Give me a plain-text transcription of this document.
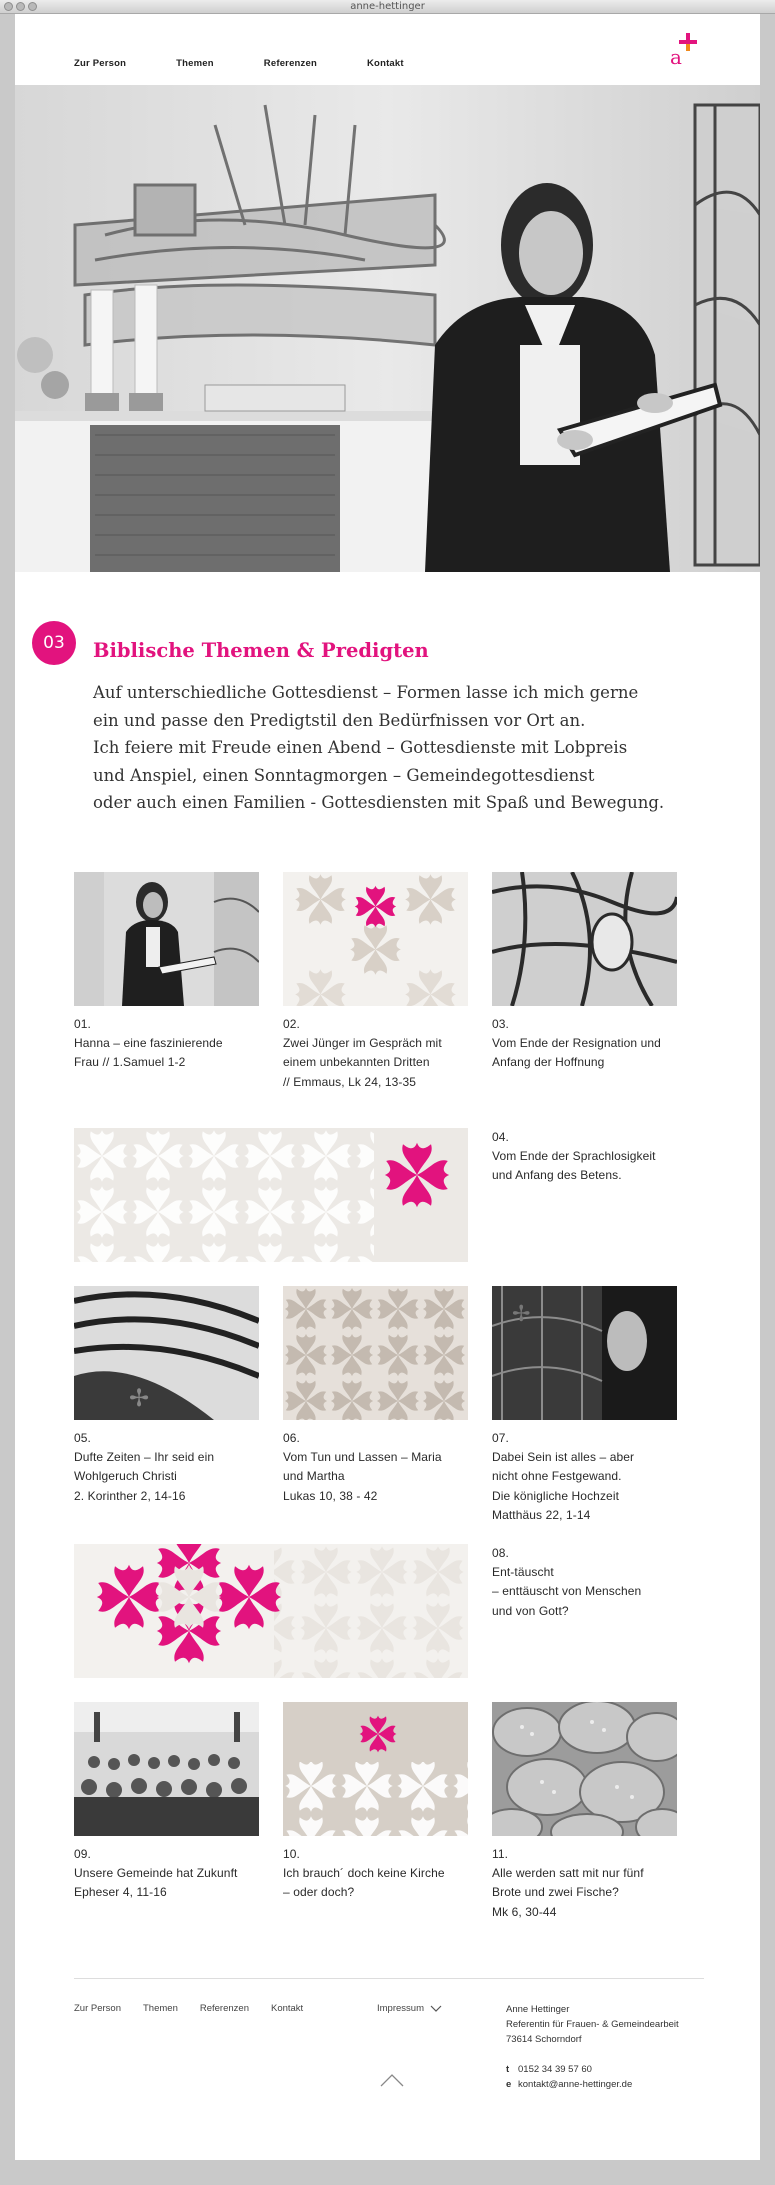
anne-hettinger
Zur Person	Themen	Referenzen	Kontakt	a
03	Biblische Themen & Predigten

Auf unterschiedliche Gottesdienst – Formen lasse ich mich gerne

ein und passe den Predigtstil den Bedürfnissen vor Ort an.

Ich feiere mit Freude einen Abend – Gottesdienste mit Lobpreis

und Anspiel, einen Sonntagmorgen – Gemeindegottesdienst

oder auch einen Familien - Gottesdiensten mit Spaß und Bewegung.

01.
Hanna – eine faszinierende
Frau // 1.Samuel 1-2
02.
Zwei Jünger im Gespräch mit
einem unbekannten Dritten
// Emmaus, Lk 24, 13-35
03.
Vom Ende der Resignation und
Anfang der Hoffnung
04.
Vom Ende der Sprachlosigkeit
und Anfang des Betens.
✢
05.
Dufte Zeiten – Ihr seid ein
Wohlgeruch Christi
2. Korinther 2, 14-16
06.
Vom Tun und Lassen – Maria
und Martha
Lukas 10, 38 - 42
✢
07.
Dabei Sein ist alles – aber
nicht ohne Festgewand.
Die königliche Hochzeit
Matthäus 22, 1-14
08.
Ent-täuscht
– enttäuscht von Menschen
und von Gott?
09.
Unsere Gemeinde hat Zukunft
Epheser 4, 11-16
10.
Ich brauch´ doch keine Kirche
– oder doch?
11.
Alle werden satt mit nur fünf
Brote und zwei Fische?
Mk 6, 30-44
Zur Person Themen Referenzen Kontakt	Impressum	Anne Hettinger
Referentin für Frauen- & Gemeindearbeit
73614 Schorndorf

t 0152 34 39 57 60
e kontakt@anne-hettinger.de
